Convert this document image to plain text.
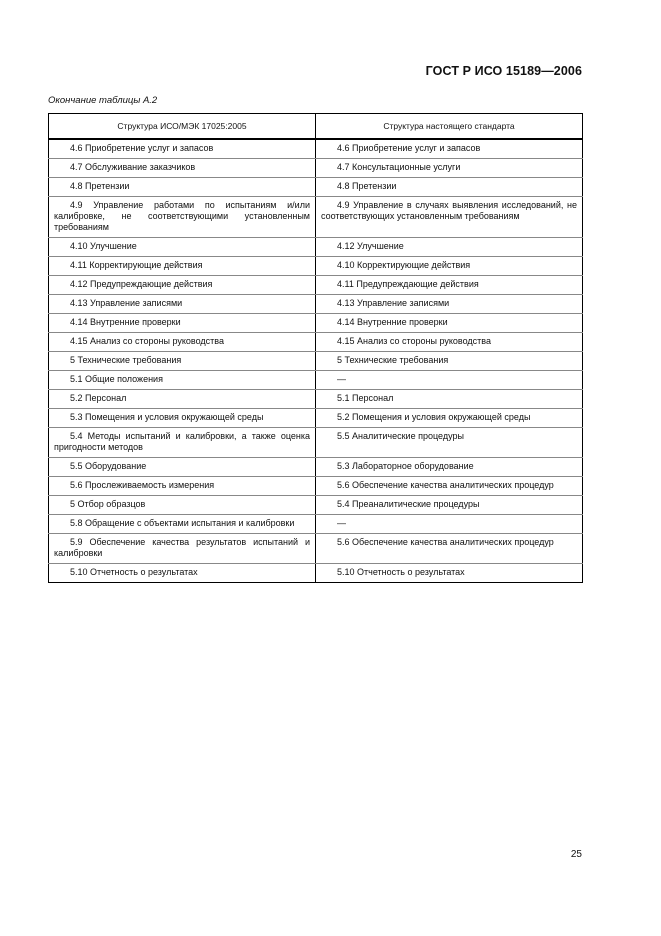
ГОСТ Р ИСО 15189—2006
Окончание таблицы А.2
Структура ИСО/МЭК 17025:2005	Структура настоящего стандарта
4.6 Приобретение услуг и запасов	4.6 Приобретение услуг и запасов
4.7 Обслуживание заказчиков	4.7 Консультационные услуги
4.8 Претензии	4.8 Претензии
4.9 Управление работами по испытаниям и/или калибровке, не соответствующими установленным требованиям	4.9 Управление в случаях выявления исследований, не соответствующих установленным требованиям
4.10 Улучшение	4.12 Улучшение
4.11 Корректирующие действия	4.10 Корректирующие действия
4.12 Предупреждающие действия	4.11 Предупреждающие действия
4.13 Управление записями	4.13 Управление записями
4.14 Внутренние проверки	4.14 Внутренние проверки
4.15 Анализ со стороны руководства	4.15 Анализ со стороны руководства
5 Технические требования	5 Технические требования
5.1 Общие положения	—
5.2 Персонал	5.1 Персонал
5.3 Помещения и условия окружающей среды	5.2 Помещения и условия окружающей среды
5.4 Методы испытаний и калибровки, а также оценка пригодности методов	5.5 Аналитические процедуры
5.5 Оборудование	5.3 Лабораторное оборудование
5.6 Прослеживаемость измерения	5.6 Обеспечение качества аналитических процедур
5 Отбор образцов	5.4 Преаналитические процедуры
5.8 Обращение с объектами испытания и калибровки	—
5.9 Обеспечение качества результатов испытаний и калибровки	5.6 Обеспечение качества аналитических процедур
5.10 Отчетность о результатах	5.10 Отчетность о результатах
25
